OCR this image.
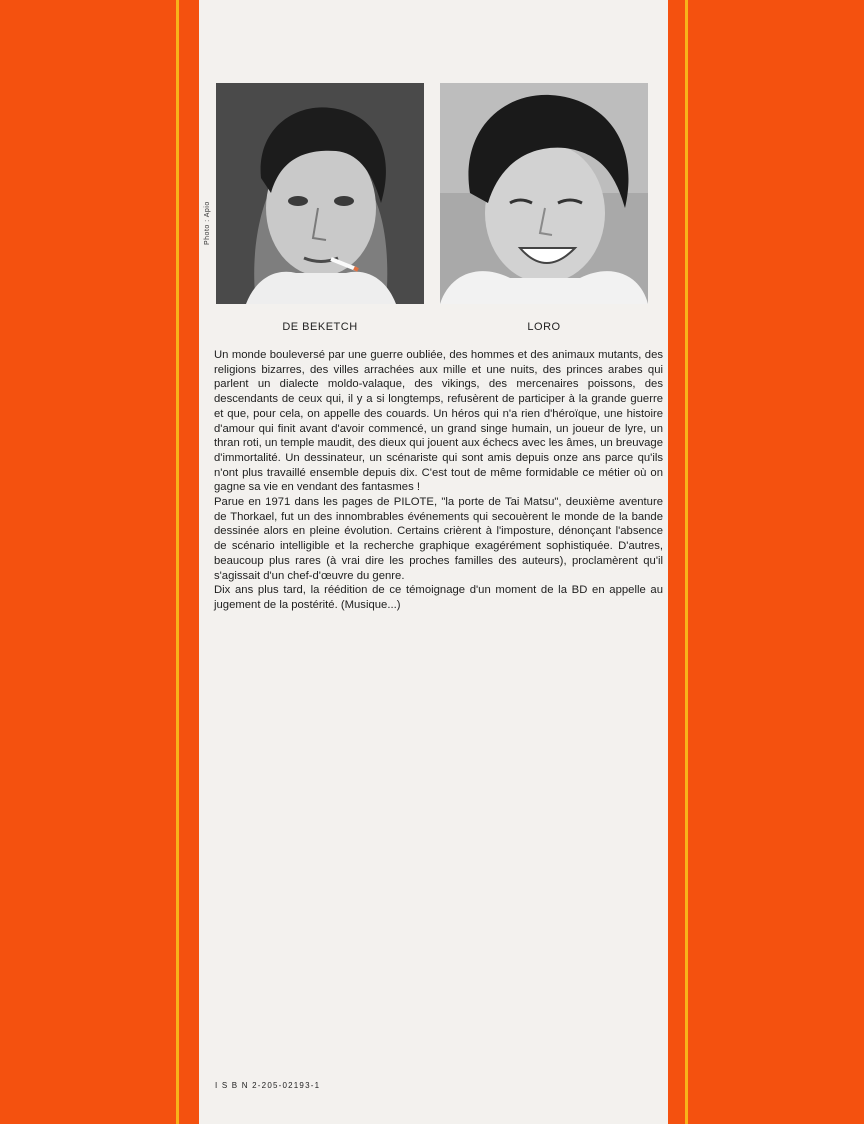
Photo : Apio
DE BEKETCH	LORO

Un monde bouleversé par une guerre oubliée, des hommes et des animaux mutants, des religions bizarres, des villes arrachées aux mille et une nuits, des princes arabes qui parlent un dialecte moldo-valaque, des vikings, des mercenaires poissons, des descendants de ceux qui, il y a si longtemps, refusèrent de participer à la grande guerre et que, pour cela, on appelle des couards. Un héros qui n'a rien d'héroïque, une histoire d'amour qui finit avant d'avoir commencé, un grand singe humain, un joueur de lyre, un thran roti, un temple maudit, des dieux qui jouent aux échecs avec les âmes, un breuvage d'immortalité. Un dessinateur, un scénariste qui sont amis depuis onze ans parce qu'ils n'ont plus travaillé ensemble depuis dix. C'est tout de même formidable ce métier où on gagne sa vie en vendant des fantasmes !

Parue en 1971 dans les pages de PILOTE, "la porte de Tai Matsu", deuxième aventure de Thorkael, fut un des innombrables événements qui secouèrent le monde de la bande dessinée alors en pleine évolution. Certains crièrent à l'imposture, dénonçant l'absence de scénario intelligible et la recherche graphique exagérément sophistiquée. D'autres, beaucoup plus rares (à vrai dire les proches familles des auteurs), proclamèrent qu'il s'agissait d'un chef-d'œuvre du genre.

Dix ans plus tard, la réédition de ce témoignage d'un moment de la BD en appelle au jugement de la postérité. (Musique...)

I S B N 2-205-02193-1
